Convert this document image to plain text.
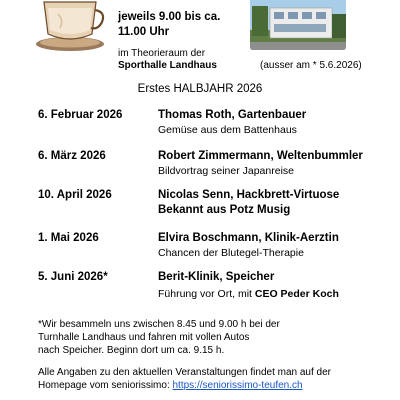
jeweils 9.00 bis ca.
11.00 Uhr
im Theorieraum der
Sporthalle Landhaus	(ausser am * 5.6.2026)
Erstes HALBJAHR 2026
6. Februar 2026	Thomas Roth, Gartenbauer
Gemüse aus dem Battenhaus
6. März 2026	Robert Zimmermann, Weltenbummler
Bildvortrag seiner Japanreise
10. April 2026	Nicolas Senn, Hackbrett-Virtuose
Bekannt aus Potz Musig
1. Mai 2026	Elvira Boschmann, Klinik-Aerztin
Chancen der Blutegel-Therapie
5. Juni 2026*	Berit-Klinik, Speicher
Führung vor Ort, mit CEO Peder Koch
*Wir besammeln uns zwischen 8.45 und 9.00 h bei der
Turnhalle Landhaus und fahren mit vollen Autos
nach Speicher. Beginn dort um ca. 9.15 h.
Alle Angaben zu den aktuellen Veranstaltungen findet man auf der
Homepage vom seniorissimo: https://seniorissimo-teufen.ch
